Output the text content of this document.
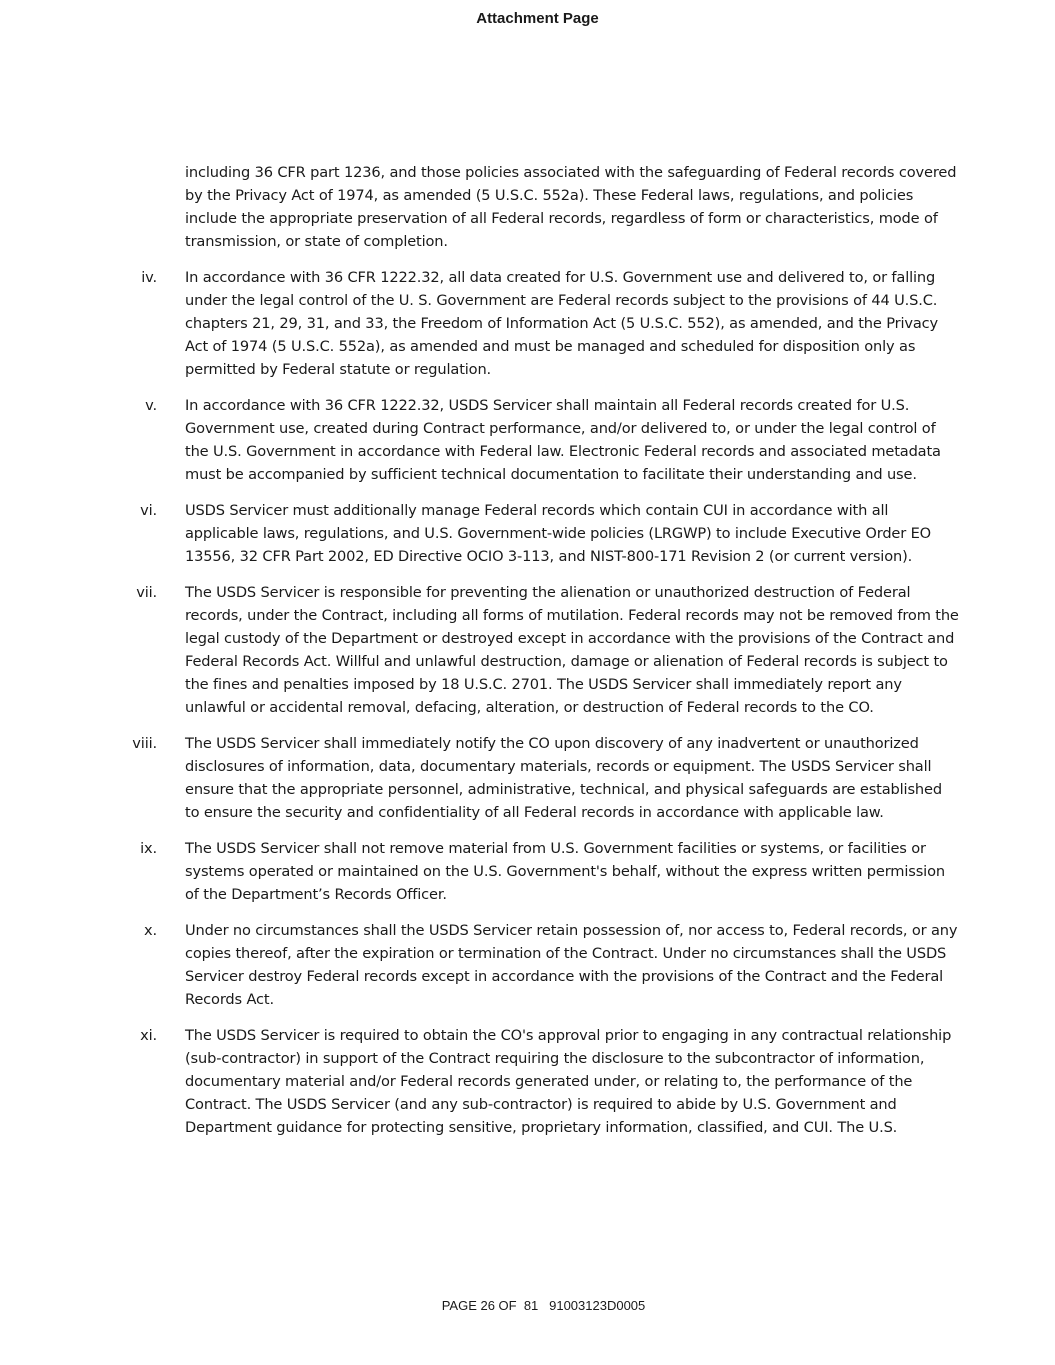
Attachment Page
including 36 CFR part 1236, and those policies associated with the safeguarding of Federal records covered by the Privacy Act of 1974, as amended (5 U.S.C. 552a). These Federal laws, regulations, and policies include the appropriate preservation of all Federal records, regardless of form or characteristics, mode of transmission, or state of completion.
iv. In accordance with 36 CFR 1222.32, all data created for U.S. Government use and delivered to, or falling under the legal control of the U. S. Government are Federal records subject to the provisions of 44 U.S.C. chapters 21, 29, 31, and 33, the Freedom of Information Act (5 U.S.C. 552), as amended, and the Privacy Act of 1974 (5 U.S.C. 552a), as amended and must be managed and scheduled for disposition only as permitted by Federal statute or regulation.
v. In accordance with 36 CFR 1222.32, USDS Servicer shall maintain all Federal records created for U.S. Government use, created during Contract performance, and/or delivered to, or under the legal control of the U.S. Government in accordance with Federal law. Electronic Federal records and associated metadata must be accompanied by sufficient technical documentation to facilitate their understanding and use.
vi. USDS Servicer must additionally manage Federal records which contain CUI in accordance with all applicable laws, regulations, and U.S. Government-wide policies (LRGWP) to include Executive Order EO 13556, 32 CFR Part 2002, ED Directive OCIO 3-113, and NIST-800-171 Revision 2 (or current version).
vii. The USDS Servicer is responsible for preventing the alienation or unauthorized destruction of Federal records, under the Contract, including all forms of mutilation. Federal records may not be removed from the legal custody of the Department or destroyed except in accordance with the provisions of the Contract and Federal Records Act. Willful and unlawful destruction, damage or alienation of Federal records is subject to the fines and penalties imposed by 18 U.S.C. 2701. The USDS Servicer shall immediately report any unlawful or accidental removal, defacing, alteration, or destruction of Federal records to the CO.
viii. The USDS Servicer shall immediately notify the CO upon discovery of any inadvertent or unauthorized disclosures of information, data, documentary materials, records or equipment. The USDS Servicer shall ensure that the appropriate personnel, administrative, technical, and physical safeguards are established to ensure the security and confidentiality of all Federal records in accordance with applicable law.
ix. The USDS Servicer shall not remove material from U.S. Government facilities or systems, or facilities or systems operated or maintained on the U.S. Government's behalf, without the express written permission of the Department’s Records Officer.
x. Under no circumstances shall the USDS Servicer retain possession of, nor access to, Federal records, or any copies thereof, after the expiration or termination of the Contract. Under no circumstances shall the USDS Servicer destroy Federal records except in accordance with the provisions of the Contract and the Federal Records Act.
xi. The USDS Servicer is required to obtain the CO's approval prior to engaging in any contractual relationship (sub-contractor) in support of the Contract requiring the disclosure to the subcontractor of information, documentary material and/or Federal records generated under, or relating to, the performance of the Contract. The USDS Servicer (and any sub-contractor) is required to abide by U.S. Government and Department guidance for protecting sensitive, proprietary information, classified, and CUI. The U.S.
PAGE 26 OF  81   91003123D0005
